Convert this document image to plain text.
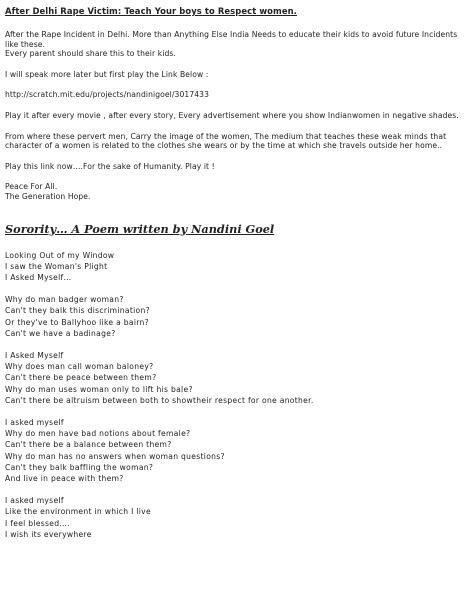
After Delhi Rape Victim: Teach Your boys to Respect women.
After the Rape Incident in Delhi. More than Anything Else India Needs to educate their kids to avoid future Incidents like these.
Every parent should share this to their kids.
I will speak more later but first play the Link Below :
http://scratch.mit.edu/projects/nandinigoel/3017433
Play it after every movie , after every story, Every advertisement where you show Indianwomen in negative shades.
From where these pervert men, Carry the image of the women, The medium that teaches these weak minds that character of a women is related to the clothes she wears or by the time at which she travels outside her home..
Play this link now….For the sake of Humanity. Play it !
Peace For All.
The Generation Hope.
Sorority… A Poem written by Nandini Goel
Looking Out of my Window
I saw the Woman's Plight
I Asked Myself…
Why do man badger woman?
Can't they balk this discrimination?
Or they've to Ballyhoo like a bairn?
Can't we have a badinage?
I Asked Myself
Why does man call woman baloney?
Can't there be peace between them?
Why do man uses woman only to lift his bale?
Can't there be altruism between both to showtheir respect for one another.
I asked myself
Why do men have bad notions about female?
Can't there be a balance between them?
Why do man has no answers when woman questions?
Can't they balk baffling the woman?
And live in peace with them?
I asked myself
Like the environment in which I live
I feel blessed….
I wish its everywhere
